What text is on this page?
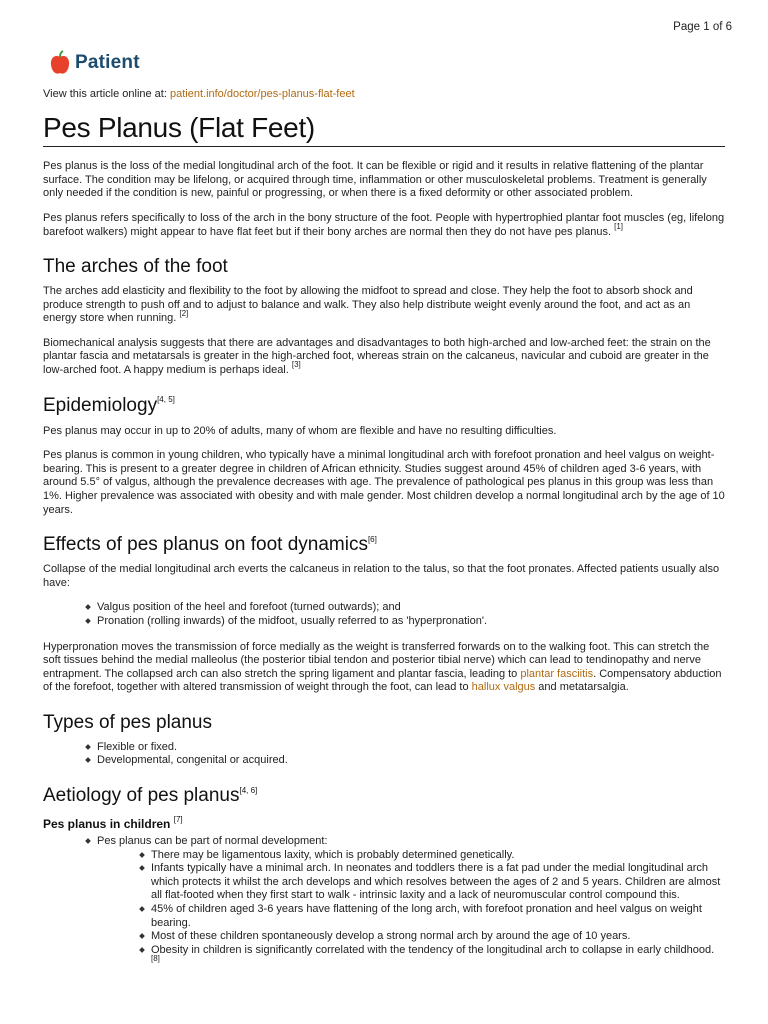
Page 1 of 6
Patient
View this article online at: patient.info/doctor/pes-planus-flat-feet
Pes Planus (Flat Feet)

Pes planus is the loss of the medial longitudinal arch of the foot. It can be flexible or rigid and it results in relative flattening of the plantar surface. The condition may be lifelong, or acquired through time, inflammation or other musculoskeletal problems. Treatment is generally only needed if the condition is new, painful or progressing, or when there is a fixed deformity or other associated problem.

Pes planus refers specifically to loss of the arch in the bony structure of the foot. People with hypertrophied plantar foot muscles (eg, lifelong barefoot walkers) might appear to have flat feet but if their bony arches are normal then they do not have pes planus. [1]

The arches of the foot

The arches add elasticity and flexibility to the foot by allowing the midfoot to spread and close. They help the foot to absorb shock and produce strength to push off and to adjust to balance and walk. They also help distribute weight evenly around the foot, and act as an energy store when running. [2]

Biomechanical analysis suggests that there are advantages and disadvantages to both high-arched and low-arched feet: the strain on the plantar fascia and metatarsals is greater in the high-arched foot, whereas strain on the calcaneus, navicular and cuboid are greater in the low-arched foot. A happy medium is perhaps ideal. [3]

Epidemiology[4, 5]

Pes planus may occur in up to 20% of adults, many of whom are flexible and have no resulting difficulties.

Pes planus is common in young children, who typically have a minimal longitudinal arch with forefoot pronation and heel valgus on weight-bearing. This is present to a greater degree in children of African ethnicity. Studies suggest around 45% of children aged 3-6 years, with around 5.5° of valgus, although the prevalence decreases with age. The prevalence of pathological pes planus in this group was less than 1%. Higher prevalence was associated with obesity and with male gender. Most children develop a normal longitudinal arch by the age of 10 years.

Effects of pes planus on foot dynamics[6]

Collapse of the medial longitudinal arch everts the calcaneus in relation to the talus, so that the foot pronates. Affected patients usually also have:

Valgus position of the heel and forefoot (turned outwards); and
Pronation (rolling inwards) of the midfoot, usually referred to as 'hyperpronation'.

Hyperpronation moves the transmission of force medially as the weight is transferred forwards on to the walking foot. This can stretch the soft tissues behind the medial malleolus (the posterior tibial tendon and posterior tibial nerve) which can lead to tendinopathy and nerve entrapment. The collapsed arch can also stretch the spring ligament and plantar fascia, leading to plantar fasciitis. Compensatory abduction of the forefoot, together with altered transmission of weight through the foot, can lead to hallux valgus and metatarsalgia.

Types of pes planus
Flexible or fixed.
Developmental, congenital or acquired.
Aetiology of pes planus[4, 6]
Pes planus in children [7]
Pes planus can be part of normal development:
There may be ligamentous laxity, which is probably determined genetically.
Infants typically have a minimal arch. In neonates and toddlers there is a fat pad under the medial longitudinal arch which protects it whilst the arch develops and which resolves between the ages of 2 and 5 years. Children are almost all flat-footed when they first start to walk - intrinsic laxity and a lack of neuromuscular control compound this.
45% of children aged 3-6 years have flattening of the long arch, with forefoot pronation and heel valgus on weight bearing.
Most of these children spontaneously develop a strong normal arch by around the age of 10 years.
Obesity in children is significantly correlated with the tendency of the longitudinal arch to collapse in early childhood. [8]
